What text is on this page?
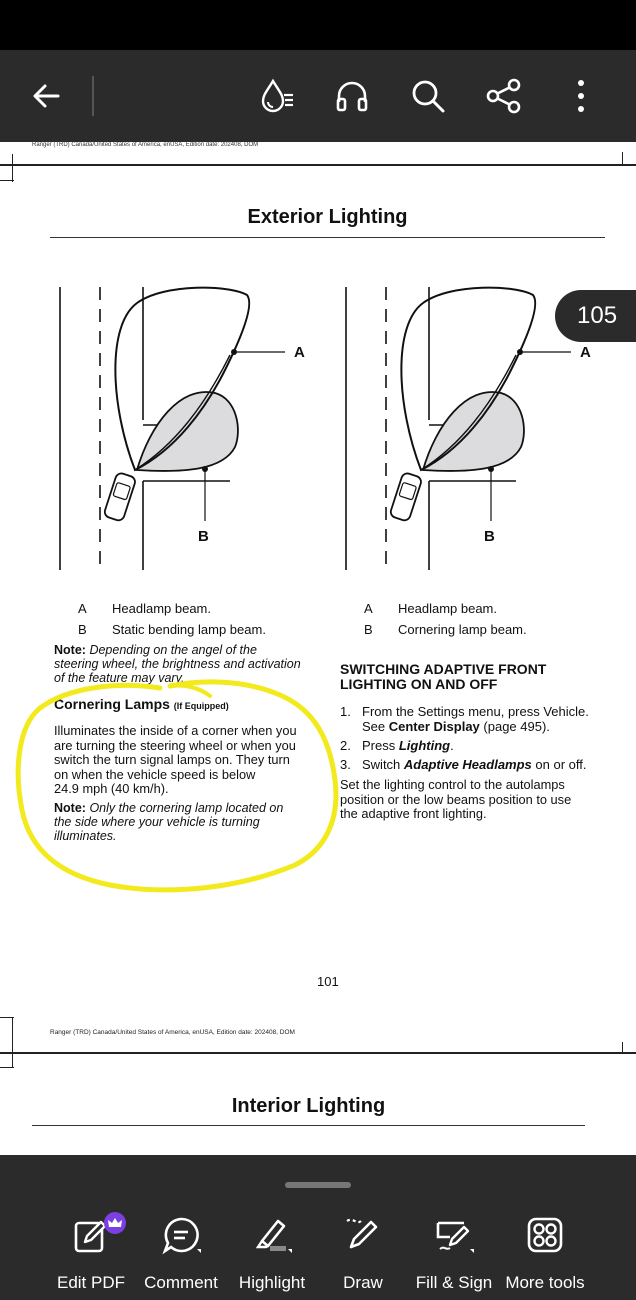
Ranger (TRD) Canada/United States of America, enUSA, Edition date: 202408, DOM
Exterior Lighting
A
B
A
B
A Headlamp beam.
B Static bending lamp beam.
A Headlamp beam.
B Cornering lamp beam.
Note: Depending on the angel of the
steering wheel, the brightness and activation
of the feature may vary.
Cornering Lamps (If Equipped)
Illuminates the inside of a corner when you
are turning the steering wheel or when you
switch the turn signal lamps on. They turn
on when the vehicle speed is below
24.9 mph (40 km/h).
Note: Only the cornering lamp located on
the side where your vehicle is turning
illuminates.
SWITCHING ADAPTIVE FRONT
LIGHTING ON AND OFF
1. From the Settings menu, press Vehicle.
See Center Display (page 495).
2. Press Lighting.
3. Switch Adaptive Headlamps on or off.
Set the lighting control to the autolamps
position or the low beams position to use
the adaptive front lighting.
101
Ranger (TRD) Canada/United States of America, enUSA, Edition date: 202408, DOM
Interior Lighting
105
Edit PDF	Comment	Highlight	Draw	Fill & Sign More tools
